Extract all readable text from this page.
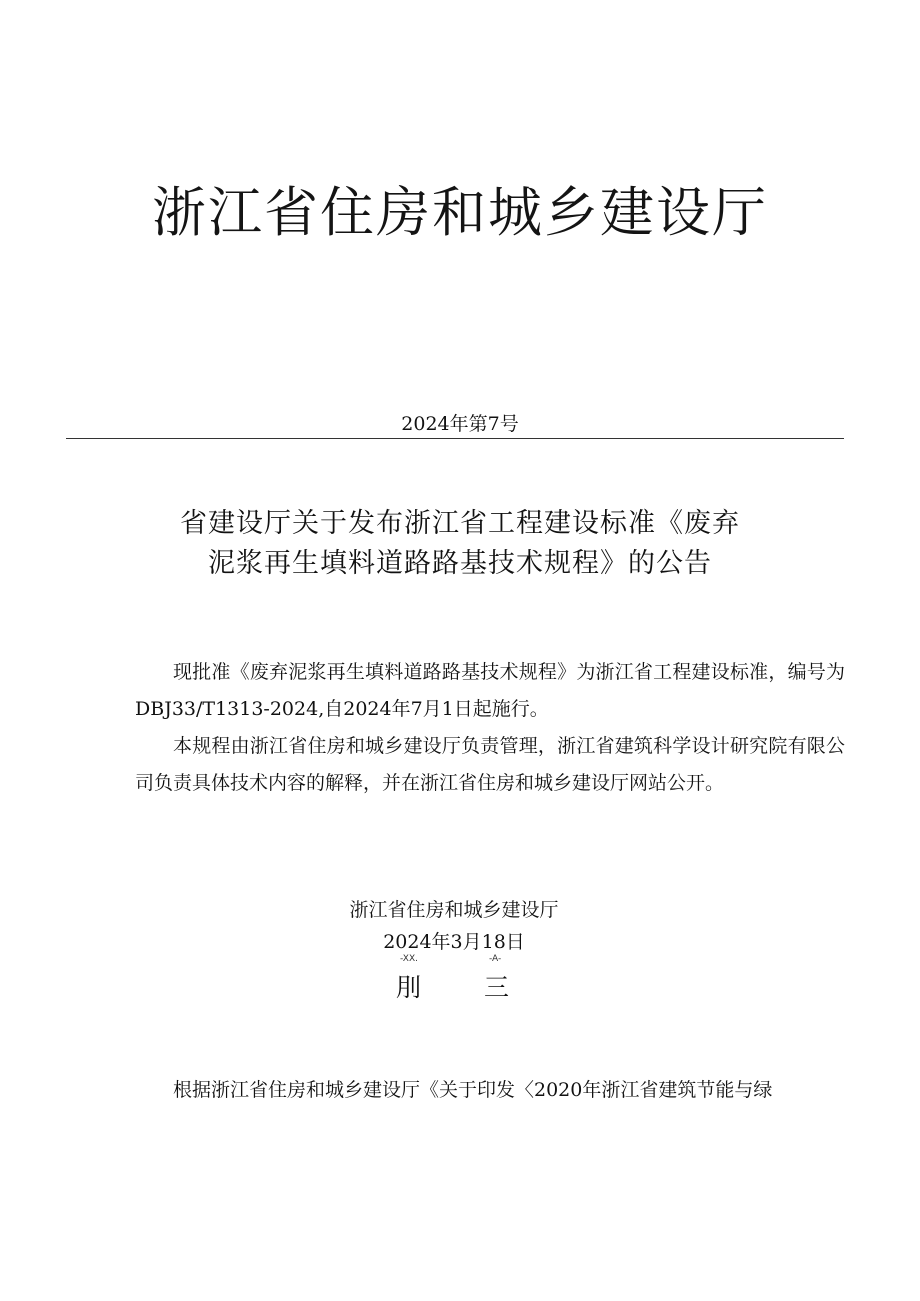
浙江省住房和城乡建设厅
2024年第7号
省建设厅关于发布浙江省工程建设标准《废弃
泥浆再生填料道路路基技术规程》的公告

现批准《废弃泥浆再生填料道路路基技术规程》为浙江省工程建设标准，编号为DBJ33/T1313-2024,自2024年7月1日起施行。

本规程由浙江省住房和城乡建设厅负责管理，浙江省建筑科学设计研究院有限公司负责具体技术内容的解释，并在浙江省住房和城乡建设厅网站公开。

浙江省住房和城乡建设厅
2024年3月18日
-XX.	-A-
刖	三
根据浙江省住房和城乡建设厅《关于印发〈2020年浙江省建筑节能与绿
